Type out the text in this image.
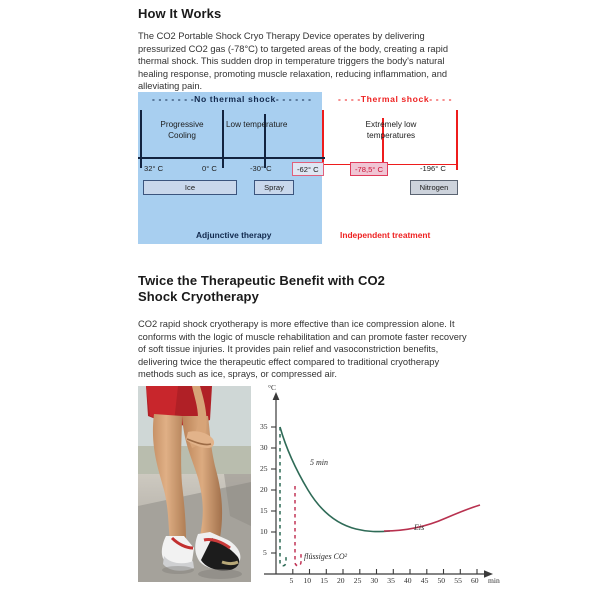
How It Works
The CO2 Portable Shock Cryo Therapy Device operates by delivering pressurized CO2 gas (-78°C) to targeted areas of the body, creating a rapid thermal shock. This sudden drop in temperature triggers the body's natural healing response, promoting muscle relaxation, reducing inflammation, and alleviating pain.
- - - - - - -No thermal shock- - - - - -	- - - -Thermal shock- - - -
Progressive
Cooling
Low temperature	Extremely low
temperatures
32° C	0° C	-30° C	-62° C	-78,5° C	-196° C
Ice	Spray	Nitrogen
Adjunctive therapy	Independent treatment
Twice the Therapeutic Benefit with CO2 Shock Cryotherapy
CO2 rapid shock cryotherapy is more effective than ice compression alone. It conforms with the logic of muscle rehabilitation and can promote faster recovery of soft tissue injuries. It provides pain relief and vasoconstriction benefits, delivering twice the therapeutic effect compared to traditional cryotherapy methods such as ice, sprays, or compressed air.
35
30
25
20
15
10
5
5 10 15 20 25 30 35 40 45 50 55 60
°C
min
5 min
flüssiges CO²
Eis
